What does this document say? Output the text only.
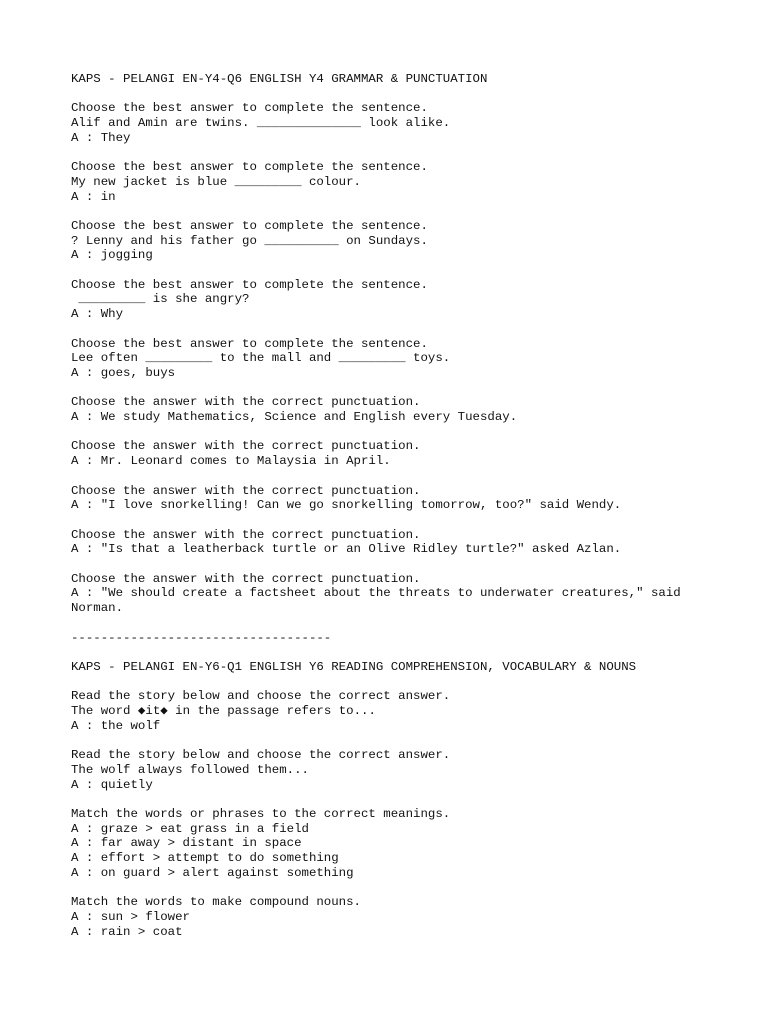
KAPS - PELANGI EN-Y4-Q6 ENGLISH Y4 GRAMMAR & PUNCTUATION
Choose the best answer to complete the sentence.
Alif and Amin are twins. ______________ look alike.
A : They
Choose the best answer to complete the sentence.
My new jacket is blue _________ colour.
A : in
Choose the best answer to complete the sentence.
? Lenny and his father go __________ on Sundays.
A : jogging
Choose the best answer to complete the sentence.
_________ is she angry?
A : Why
Choose the best answer to complete the sentence.
Lee often _________ to the mall and _________ toys.
A : goes, buys
Choose the answer with the correct punctuation.
A : We study Mathematics, Science and English every Tuesday.
Choose the answer with the correct punctuation.
A : Mr. Leonard comes to Malaysia in April.
Choose the answer with the correct punctuation.
A : "I love snorkelling! Can we go snorkelling tomorrow, too?" said Wendy.
Choose the answer with the correct punctuation.
A : "Is that a leatherback turtle or an Olive Ridley turtle?" asked Azlan.
Choose the answer with the correct punctuation.
A : "We should create a factsheet about the threats to underwater creatures," said
Norman.
-----------------------------------
KAPS - PELANGI EN-Y6-Q1 ENGLISH Y6 READING COMPREHENSION, VOCABULARY & NOUNS
Read the story below and choose the correct answer.
The word ◆it◆ in the passage refers to...
A : the wolf
Read the story below and choose the correct answer.
The wolf always followed them...
A : quietly
Match the words or phrases to the correct meanings.
A : graze > eat grass in a field
A : far away > distant in space
A : effort > attempt to do something
A : on guard > alert against something
Match the words to make compound nouns.
A : sun > flower
A : rain > coat
